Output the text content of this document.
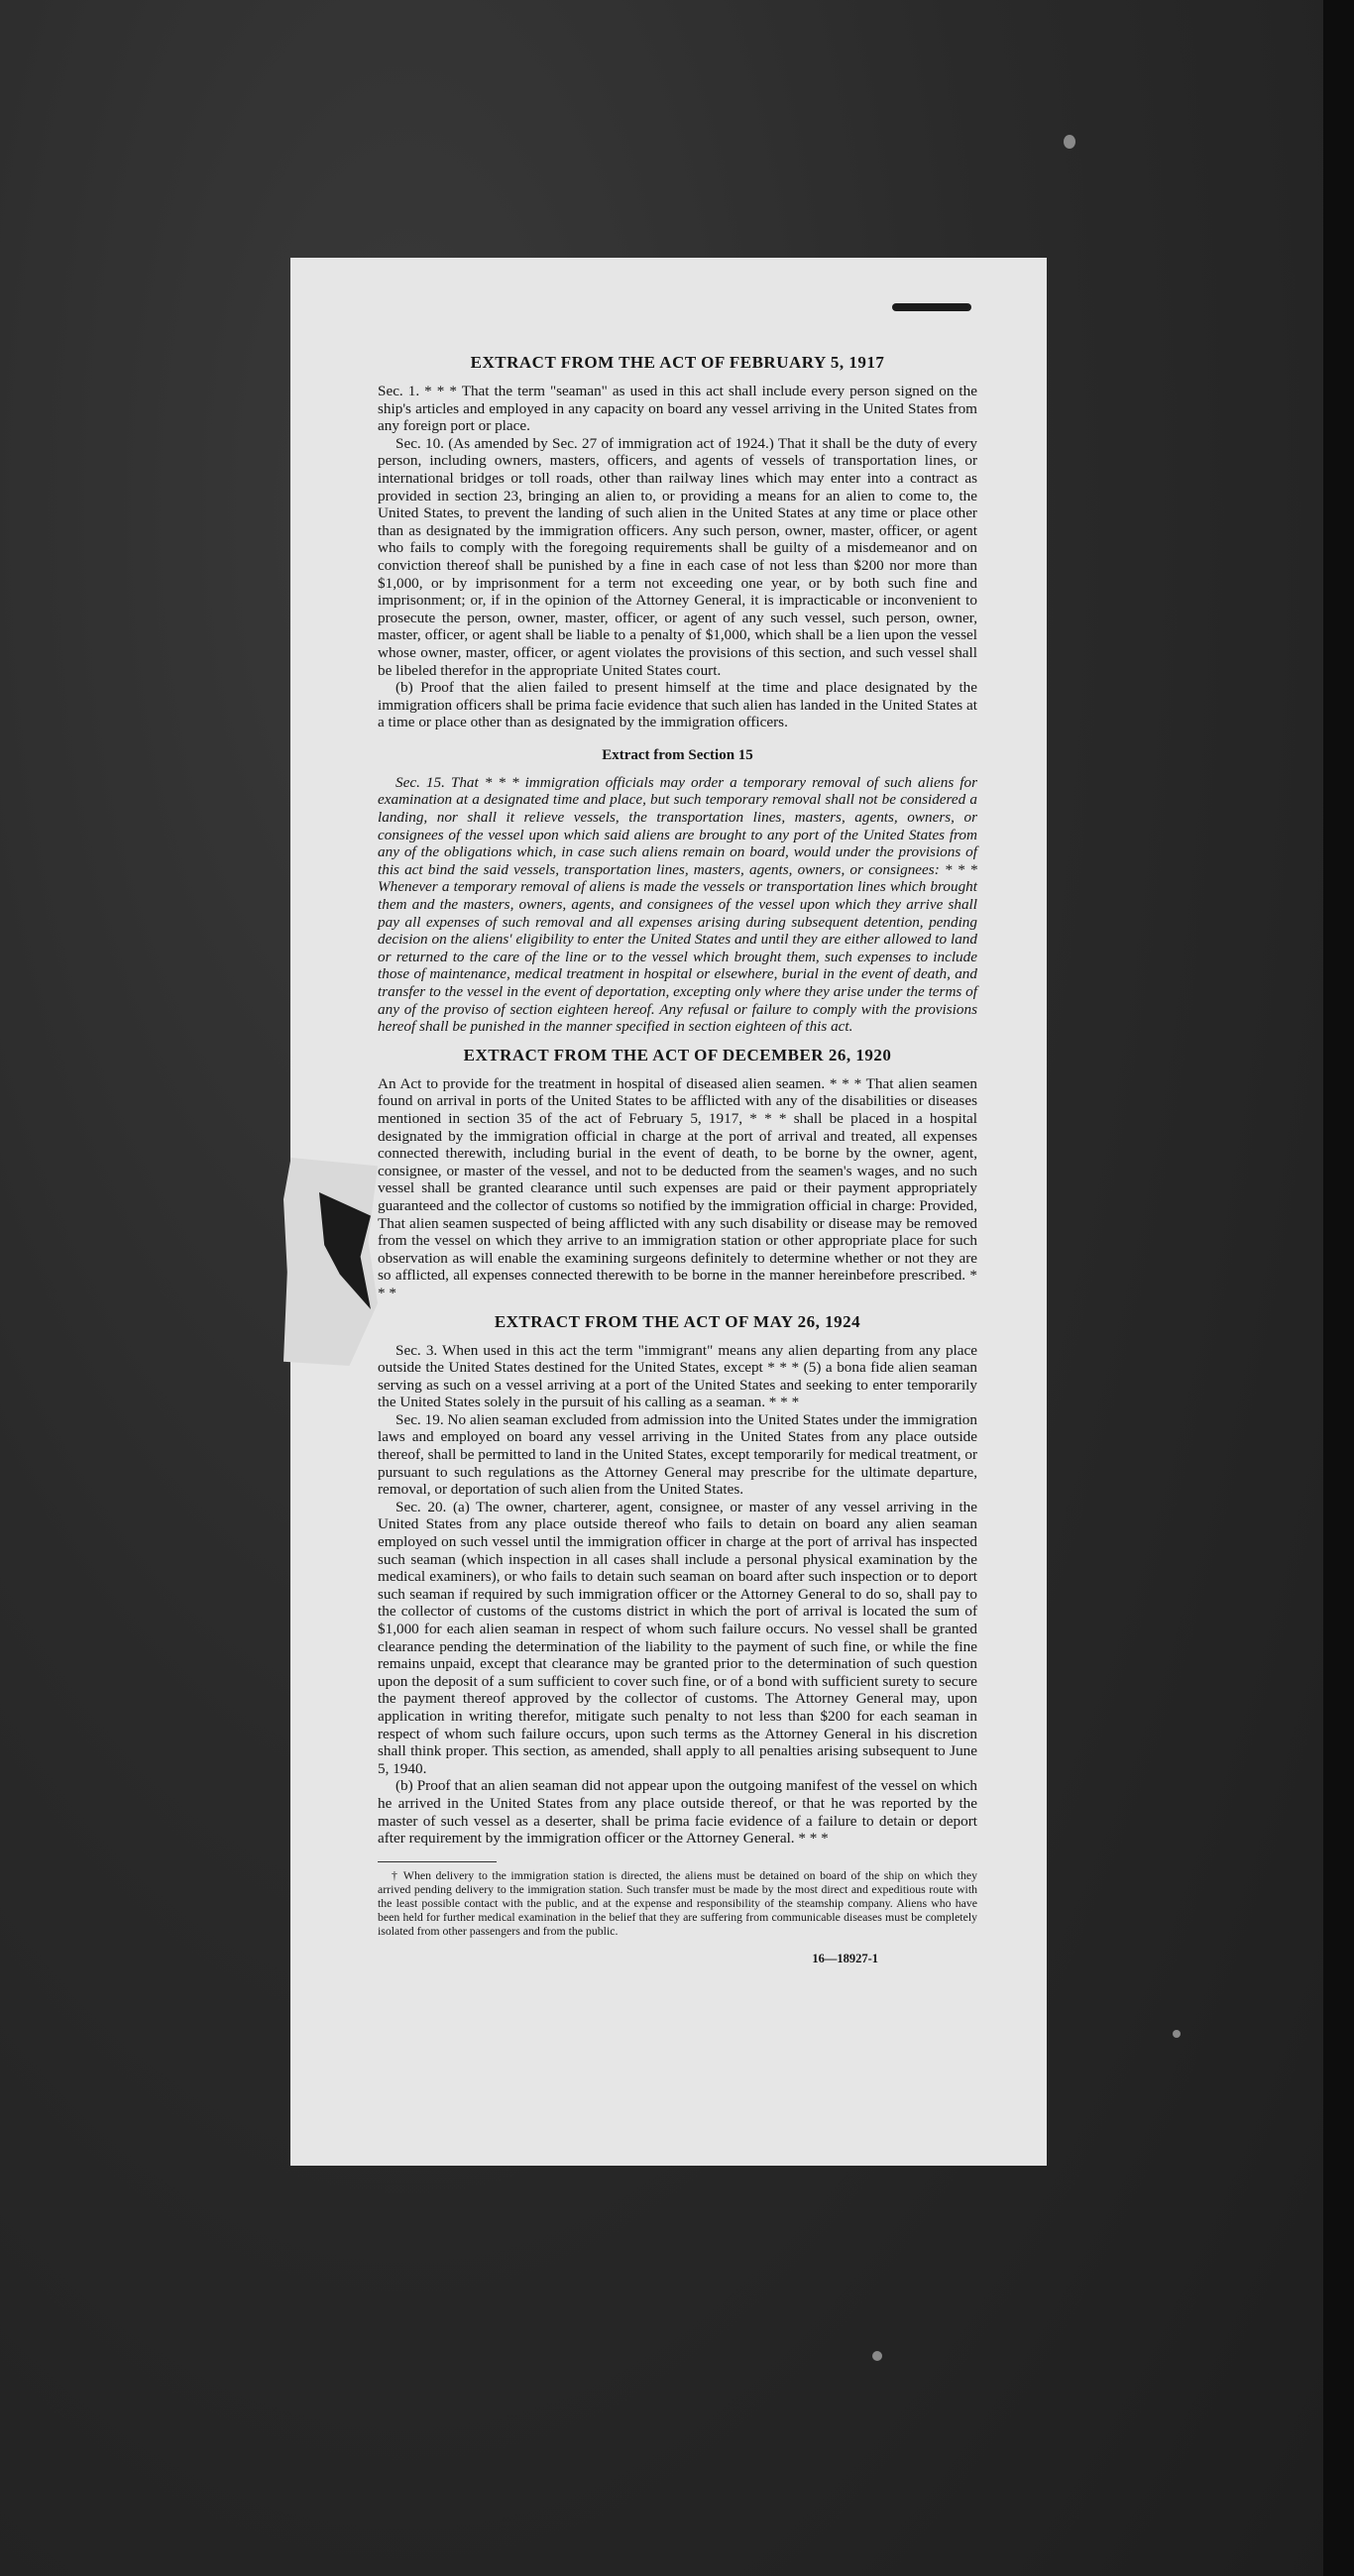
EXTRACT FROM THE ACT OF FEBRUARY 5, 1917

Sec. 1. * * * That the term "seaman" as used in this act shall include every person signed on the ship's articles and employed in any capacity on board any vessel arriving in the United States from any foreign port or place.

Sec. 10. (As amended by Sec. 27 of immigration act of 1924.) That it shall be the duty of every person, including owners, masters, officers, and agents of vessels of transportation lines, or international bridges or toll roads, other than railway lines which may enter into a contract as provided in section 23, bringing an alien to, or providing a means for an alien to come to, the United States, to prevent the landing of such alien in the United States at any time or place other than as designated by the immigration officers. Any such person, owner, master, officer, or agent who fails to comply with the foregoing requirements shall be guilty of a misdemeanor and on conviction thereof shall be punished by a fine in each case of not less than $200 nor more than $1,000, or by imprisonment for a term not exceeding one year, or by both such fine and imprisonment; or, if in the opinion of the Attorney General, it is impracticable or inconvenient to prosecute the person, owner, master, officer, or agent of any such vessel, such person, owner, master, officer, or agent shall be liable to a penalty of $1,000, which shall be a lien upon the vessel whose owner, master, officer, or agent violates the provisions of this section, and such vessel shall be libeled therefor in the appropriate United States court.

(b) Proof that the alien failed to present himself at the time and place designated by the immigration officers shall be prima facie evidence that such alien has landed in the United States at a time or place other than as designated by the immigration officers.

Extract from Section 15

Sec. 15. That * * * immigration officials may order a temporary removal of such aliens for examination at a designated time and place, but such temporary removal shall not be considered a landing, nor shall it relieve vessels, the transportation lines, masters, agents, owners, or consignees of the vessel upon which said aliens are brought to any port of the United States from any of the obligations which, in case such aliens remain on board, would under the provisions of this act bind the said vessels, transportation lines, masters, agents, owners, or consignees: * * * Whenever a temporary removal of aliens is made the vessels or transportation lines which brought them and the masters, owners, agents, and consignees of the vessel upon which they arrive shall pay all expenses of such removal and all expenses arising during subsequent detention, pending decision on the aliens' eligibility to enter the United States and until they are either allowed to land or returned to the care of the line or to the vessel which brought them, such expenses to include those of maintenance, medical treatment in hospital or elsewhere, burial in the event of death, and transfer to the vessel in the event of deportation, excepting only where they arise under the terms of any of the proviso of section eighteen hereof. Any refusal or failure to comply with the provisions hereof shall be punished in the manner specified in section eighteen of this act.

EXTRACT FROM THE ACT OF DECEMBER 26, 1920

An Act to provide for the treatment in hospital of diseased alien seamen. * * * That alien seamen found on arrival in ports of the United States to be afflicted with any of the disabilities or diseases mentioned in section 35 of the act of February 5, 1917, * * * shall be placed in a hospital designated by the immigration official in charge at the port of arrival and treated, all expenses connected therewith, including burial in the event of death, to be borne by the owner, agent, consignee, or master of the vessel, and not to be deducted from the seamen's wages, and no such vessel shall be granted clearance until such expenses are paid or their payment appropriately guaranteed and the collector of customs so notified by the immigration official in charge: Provided, That alien seamen suspected of being afflicted with any such disability or disease may be removed from the vessel on which they arrive to an immigration station or other appropriate place for such observation as will enable the examining surgeons definitely to determine whether or not they are so afflicted, all expenses connected therewith to be borne in the manner hereinbefore prescribed. * * *

EXTRACT FROM THE ACT OF MAY 26, 1924

Sec. 3. When used in this act the term "immigrant" means any alien departing from any place outside the United States destined for the United States, except * * * (5) a bona fide alien seaman serving as such on a vessel arriving at a port of the United States and seeking to enter temporarily the United States solely in the pursuit of his calling as a seaman. * * *

Sec. 19. No alien seaman excluded from admission into the United States under the immigration laws and employed on board any vessel arriving in the United States from any place outside thereof, shall be permitted to land in the United States, except temporarily for medical treatment, or pursuant to such regulations as the Attorney General may prescribe for the ultimate departure, removal, or deportation of such alien from the United States.

Sec. 20. (a) The owner, charterer, agent, consignee, or master of any vessel arriving in the United States from any place outside thereof who fails to detain on board any alien seaman employed on such vessel until the immigration officer in charge at the port of arrival has inspected such seaman (which inspection in all cases shall include a personal physical examination by the medical examiners), or who fails to detain such seaman on board after such inspection or to deport such seaman if required by such immigration officer or the Attorney General to do so, shall pay to the collector of customs of the customs district in which the port of arrival is located the sum of $1,000 for each alien seaman in respect of whom such failure occurs. No vessel shall be granted clearance pending the determination of the liability to the payment of such fine, or while the fine remains unpaid, except that clearance may be granted prior to the determination of such question upon the deposit of a sum sufficient to cover such fine, or of a bond with sufficient surety to secure the payment thereof approved by the collector of customs. The Attorney General may, upon application in writing therefor, mitigate such penalty to not less than $200 for each seaman in respect of whom such failure occurs, upon such terms as the Attorney General in his discretion shall think proper. This section, as amended, shall apply to all penalties arising subsequent to June 5, 1940.

(b) Proof that an alien seaman did not appear upon the outgoing manifest of the vessel on which he arrived in the United States from any place outside thereof, or that he was reported by the master of such vessel as a deserter, shall be prima facie evidence of a failure to detain or deport after requirement by the immigration officer or the Attorney General. * * *

† When delivery to the immigration station is directed, the aliens must be detained on board of the ship on which they arrived pending delivery to the immigration station. Such transfer must be made by the most direct and expeditious route with the least possible contact with the public, and at the expense and responsibility of the steamship company. Aliens who have been held for further medical examination in the belief that they are suffering from communicable diseases must be completely isolated from other passengers and from the public.

16—18927-1
